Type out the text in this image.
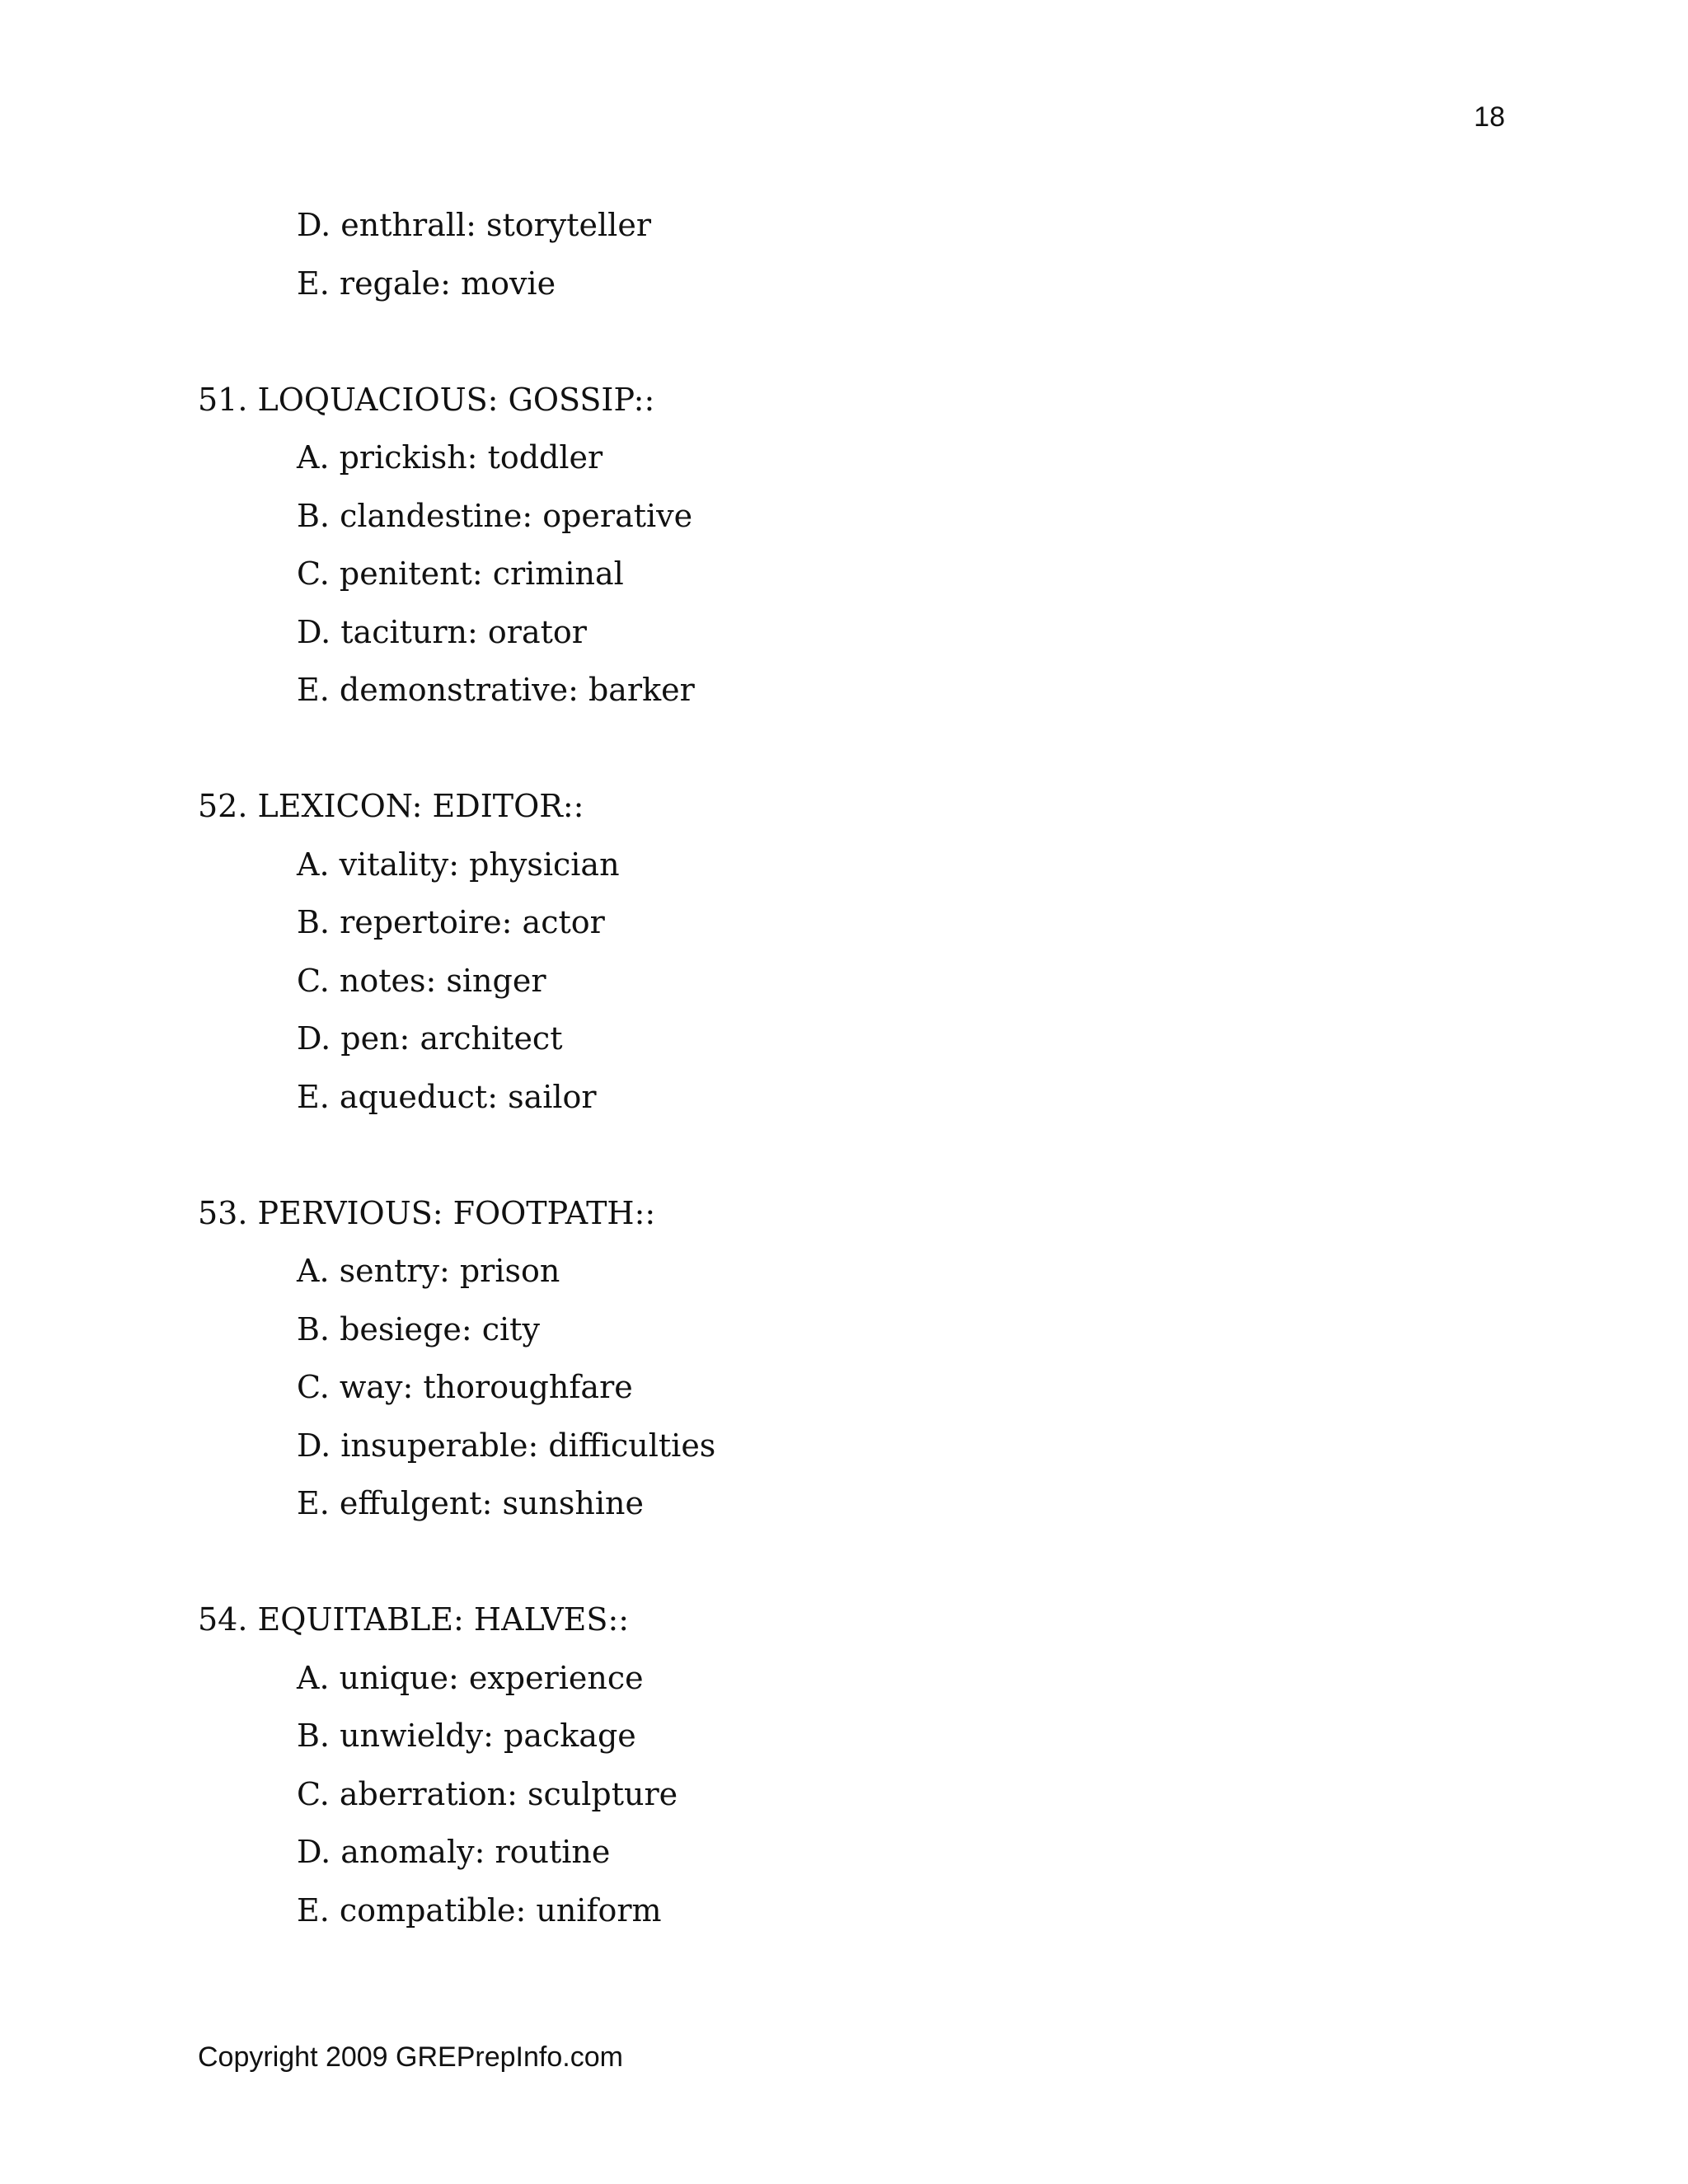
18
D. enthrall: storyteller
E. regale: movie
51. LOQUACIOUS: GOSSIP::
A. prickish: toddler
B. clandestine: operative
C. penitent: criminal
D. taciturn: orator
E. demonstrative: barker
52. LEXICON: EDITOR::
A. vitality: physician
B. repertoire: actor
C. notes: singer
D. pen: architect
E. aqueduct: sailor
53. PERVIOUS: FOOTPATH::
A. sentry: prison
B. besiege: city
C. way: thoroughfare
D. insuperable: difficulties
E. effulgent: sunshine
54. EQUITABLE: HALVES::
A. unique: experience
B. unwieldy: package
C. aberration: sculpture
D. anomaly: routine
E. compatible: uniform
Copyright 2009 GREPrepInfo.com
